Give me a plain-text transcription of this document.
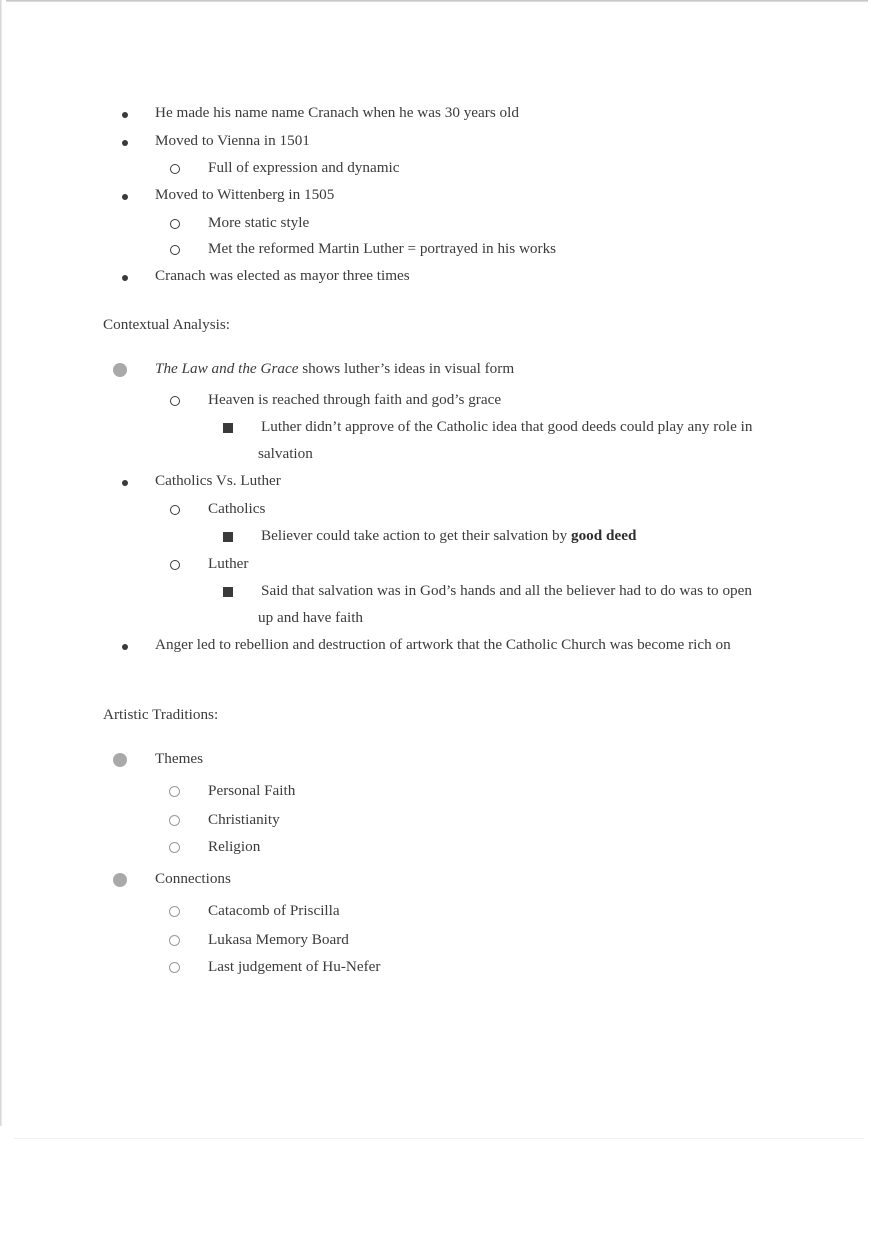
He made his name name Cranach when he was 30 years old
Moved to Vienna in 1501
Full of expression and dynamic
Moved to Wittenberg in 1505
More static style
Met the reformed Martin Luther = portrayed in his works
Cranach was elected as mayor three times
Contextual Analysis:
The Law and the Grace shows luther’s ideas in visual form
Heaven is reached through faith and god’s grace
Luther didn’t approve of the Catholic idea that good deeds could play any role in
salvation
Catholics Vs. Luther
Catholics
Believer could take action to get their salvation by good deed
Luther
Said that salvation was in God’s hands and all the believer had to do was to open
up and have faith
Anger led to rebellion and destruction of artwork that the Catholic Church was become rich on
Artistic Traditions:
Themes
Personal Faith
Christianity
Religion
Connections
Catacomb of Priscilla
Lukasa Memory Board
Last judgement of Hu-Nefer
